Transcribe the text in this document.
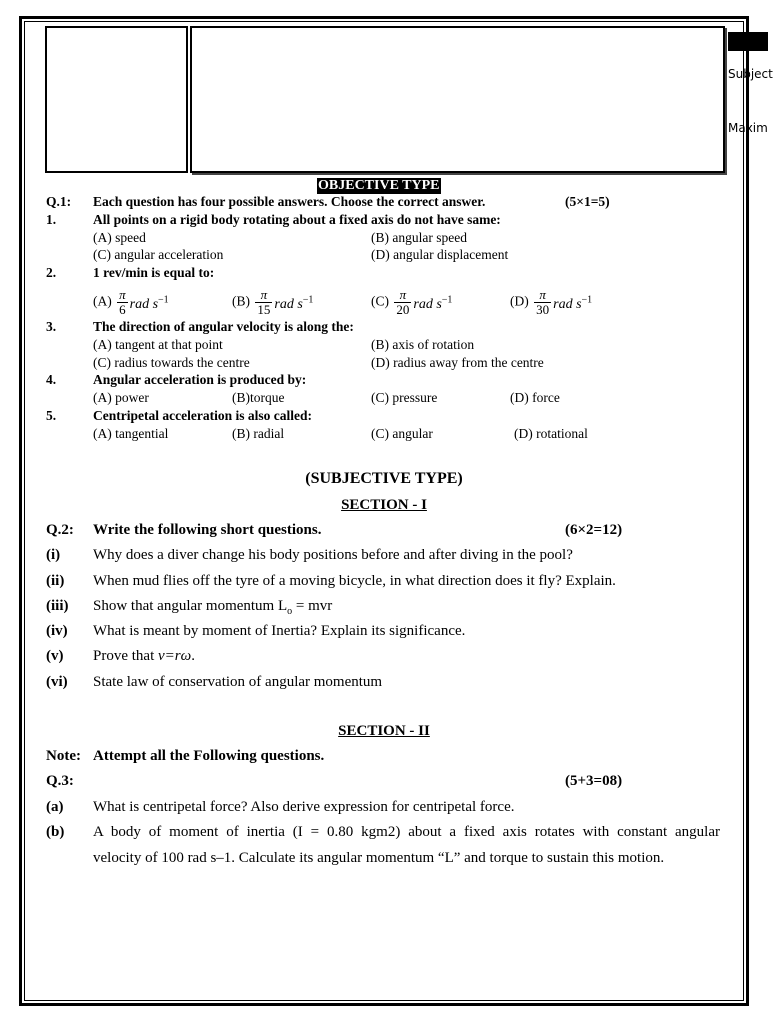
Subject
Maxim
OBJECTIVE TYPE
Q.1: Each question has four possible answers. Choose the correct answer.	(5×1=5)
1.	All points on a rigid body rotating about a fixed axis do not have same:
(A) speed	(B) angular speed
(C) angular acceleration	(D) angular displacement
2.	1 rev/min is equal to:
$(A) \frac{\pi}{6}$ rad $s^{-1}$	$(B) \frac{\pi}{15}$ rad $s^{-1}$	$(C) \frac{\pi}{20}$ rad $s^{-1}$	$(D) \frac{\pi}{30}$ rad $s^{-1}$
3.	The direction of angular velocity is along the:
(A) tangent at that point	(B) axis of rotation
(C) radius towards the centre	(D) radius away from the centre
4.	Angular acceleration is produced by:
(A) power	(B)torque	(C) pressure	(D) force
5.	Centripetal acceleration is also called:
(A) tangential	(B) radial	(C) angular	(D) rotational
(SUBJECTIVE TYPE)
SECTION - I
Q.2: Write the following short questions.	(6×2=12)
(i) Why does a diver change his body positions before and after diving in the pool?
(ii) When mud flies off the tyre of a moving bicycle, in what direction does it fly? Explain.
(iii) Show that angular momentum $L_o$ = mvr
(iv) What is meant by moment of Inertia? Explain its significance.
(v) Prove that v=rω.
(vi) State law of conservation of angular momentum
SECTION - II
Note: Attempt all the Following questions.
Q.3:	(5+3=08)
(a) What is centripetal force? Also derive expression for centripetal force.
(b) A body of moment of inertia (I = 0.80 kgm2) about a fixed axis rotates with constant angular
velocity of 100 rad s–1. Calculate its angular momentum “L” and torque to sustain this motion.
